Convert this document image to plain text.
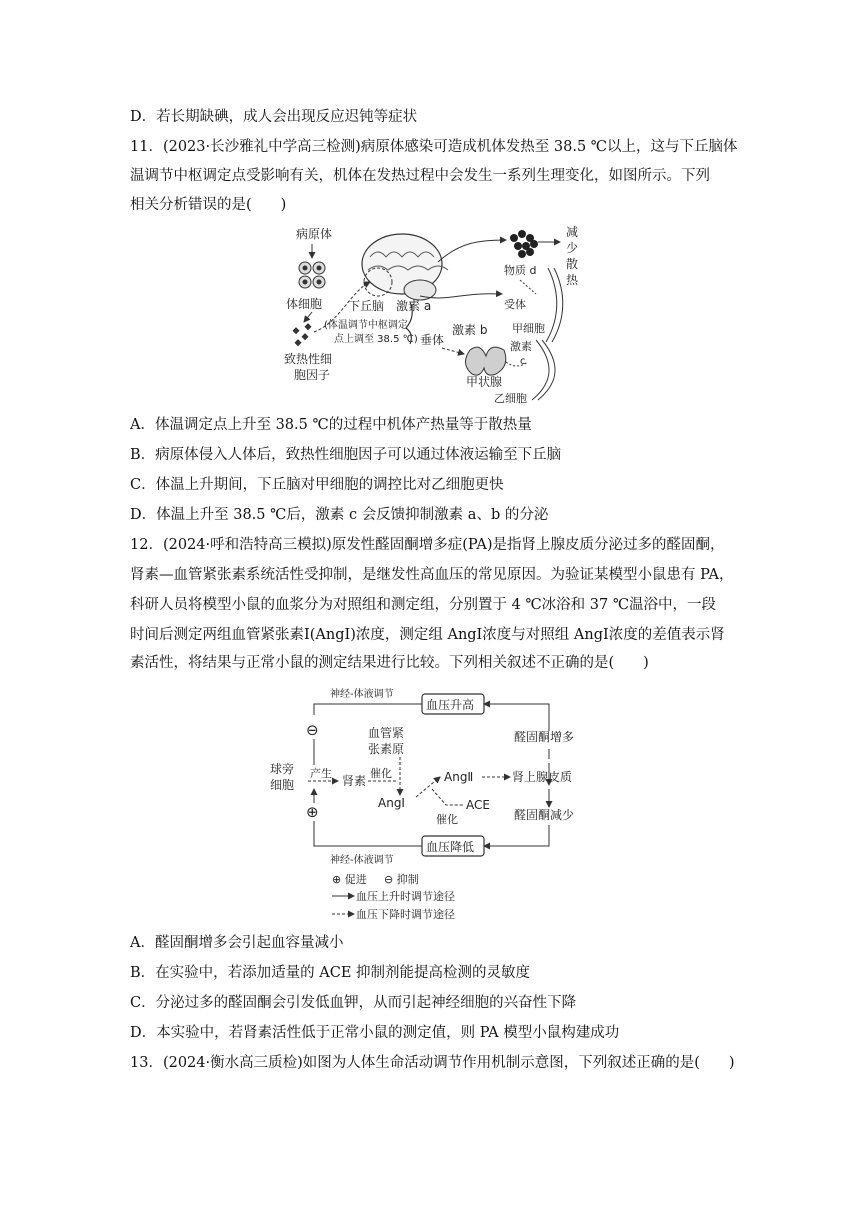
D．若长期缺碘，成人会出现反应迟钝等症状
11．(2023·长沙雅礼中学高三检测)病原体感染可造成机体发热至 38.5 ℃以上，这与下丘脑体
温调节中枢调定点受影响有关，机体在发热过程中会发生一系列生理变化，如图所示。下列
相关分析错误的是(　　)
病原体
体细胞
致热性细
胞因子
下丘脑 激素 a
(体温调节中枢调定
点上调至 38.5 ℃) 垂体
激素 b
甲状腺
激素
c
物质 d
减
少
散
热
受体
甲细胞
乙细胞
A．体温调定点上升至 38.5 ℃的过程中机体产热量等于散热量
B．病原体侵入人体后，致热性细胞因子可以通过体液运输至下丘脑
C．体温上升期间，下丘脑对甲细胞的调控比对乙细胞更快
D．体温上升至 38.5 ℃后，激素 c 会反馈抑制激素 a、b 的分泌
12．(2024·呼和浩特高三模拟)原发性醛固酮增多症(PA)是指肾上腺皮质分泌过多的醛固酮，
肾素—血管紧张素系统活性受抑制，是继发性高血压的常见原因。为验证某模型小鼠患有 PA，
科研人员将模型小鼠的血浆分为对照组和测定组，分别置于 4 ℃冰浴和 37 ℃温浴中，一段
时间后测定两组血管紧张素Ⅰ(AngⅠ)浓度，测定组 AngⅠ浓度与对照组 AngⅠ浓度的差值表示肾
素活性，将结果与正常小鼠的测定结果进行比较。下列相关叙述不正确的是(　　)
神经-体液调节
血压升高
⊖	血管紧
张素原
醛固酮增多
球旁
细胞
产生
肾素
催化	AngⅡ	肾上腺皮质
AngⅠ	ACE
催化	醛固酮减少
⊕
血压降低
神经-体液调节
⊕ 促进 ⊖ 抑制
血压上升时调节途径
血压下降时调节途径
A．醛固酮增多会引起血容量减小
B．在实验中，若添加适量的 ACE 抑制剂能提高检测的灵敏度
C．分泌过多的醛固酮会引发低血钾，从而引起神经细胞的兴奋性下降
D．本实验中，若肾素活性低于正常小鼠的测定值，则 PA 模型小鼠构建成功
13．(2024·衡水高三质检)如图为人体生命活动调节作用机制示意图，下列叙述正确的是(　　)
